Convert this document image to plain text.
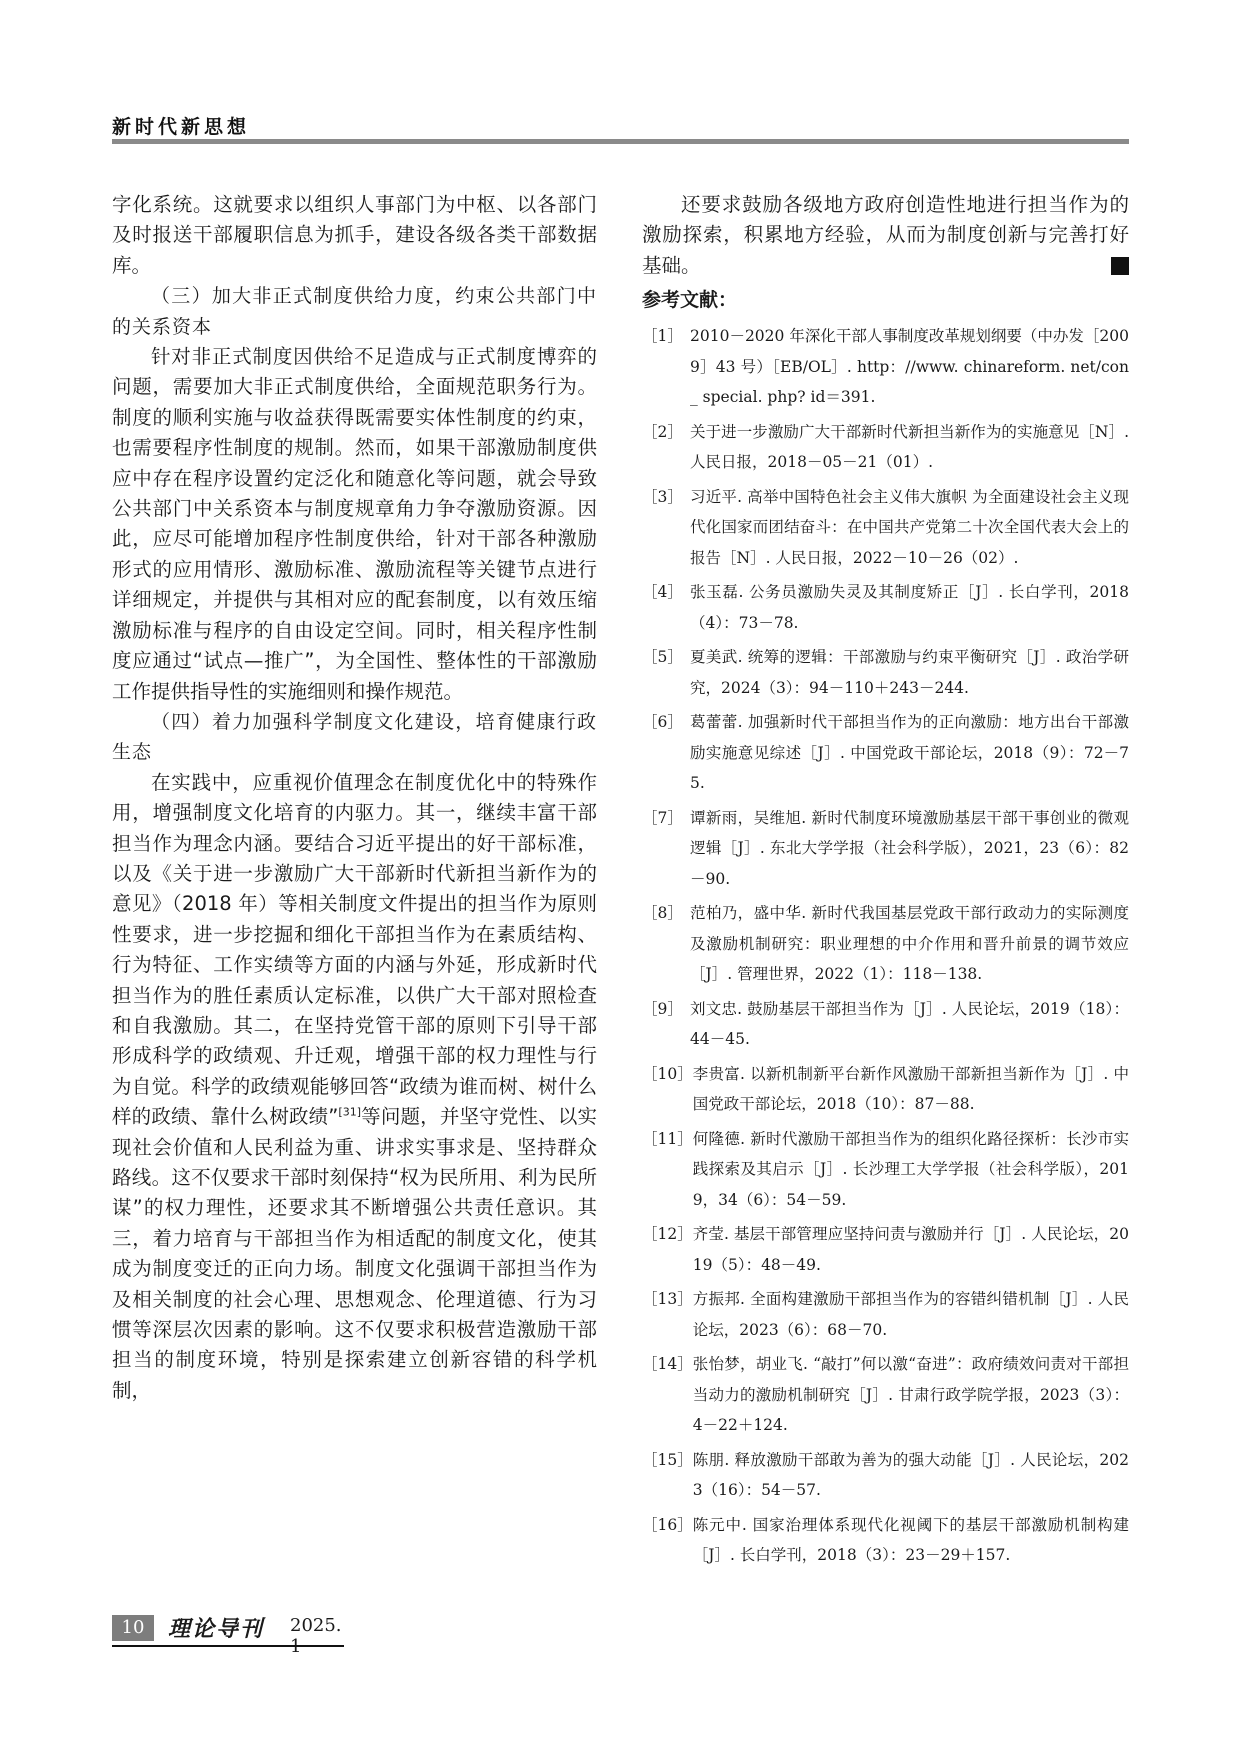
新时代新思想

字化系统。这就要求以组织人事部门为中枢、以各部门及时报送干部履职信息为抓手，建设各级各类干部数据库。

（三）加大非正式制度供给力度，约束公共部门中的关系资本

针对非正式制度因供给不足造成与正式制度博弈的问题，需要加大非正式制度供给，全面规范职务行为。制度的顺利实施与收益获得既需要实体性制度的约束，也需要程序性制度的规制。然而，如果干部激励制度供应中存在程序设置约定泛化和随意化等问题，就会导致公共部门中关系资本与制度规章角力争夺激励资源。因此，应尽可能增加程序性制度供给，针对干部各种激励形式的应用情形、激励标准、激励流程等关键节点进行详细规定，并提供与其相对应的配套制度，以有效压缩激励标准与程序的自由设定空间。同时，相关程序性制度应通过“试点—推广”，为全国性、整体性的干部激励工作提供指导性的实施细则和操作规范。

（四）着力加强科学制度文化建设，培育健康行政生态

在实践中，应重视价值理念在制度优化中的特殊作用，增强制度文化培育的内驱力。其一，继续丰富干部担当作为理念内涵。要结合习近平提出的好干部标准，以及《关于进一步激励广大干部新时代新担当新作为的意见》（2018 年）等相关制度文件提出的担当作为原则性要求，进一步挖掘和细化干部担当作为在素质结构、行为特征、工作实绩等方面的内涵与外延，形成新时代担当作为的胜任素质认定标准，以供广大干部对照检查和自我激励。其二，在坚持党管干部的原则下引导干部形成科学的政绩观、升迁观，增强干部的权力理性与行为自觉。科学的政绩观能够回答“政绩为谁而树、树什么样的政绩、靠什么树政绩”[31]等问题，并坚守党性、以实现社会价值和人民利益为重、讲求实事求是、坚持群众路线。这不仅要求干部时刻保持“权为民所用、利为民所谋”的权力理性，还要求其不断增强公共责任意识。其三，着力培育与干部担当作为相适配的制度文化，使其成为制度变迁的正向力场。制度文化强调干部担当作为及相关制度的社会心理、思想观念、伦理道德、行为习惯等深层次因素的影响。这不仅要求积极营造激励干部担当的制度环境，特别是探索建立创新容错的科学机制，

还要求鼓励各级地方政府创造性地进行担当作为的激励探索，积累地方经验，从而为制度创新与完善打好基础。	理

参考文献：
［1］ 2010－2020 年深化干部人事制度改革规划纲要（中办发［2009］43 号）［EB/OL］. http：//www. chinareform. net/con_ special. php? id＝391.
［2］ 关于进一步激励广大干部新时代新担当新作为的实施意见［N］. 人民日报，2018－05－21（01）.
［3］ 习近平. 高举中国特色社会主义伟大旗帜 为全面建设社会主义现代化国家而团结奋斗：在中国共产党第二十次全国代表大会上的报告［N］. 人民日报，2022－10－26（02）.
［4］ 张玉磊. 公务员激励失灵及其制度矫正［J］. 长白学刊，2018（4）：73－78.
［5］ 夏美武. 统筹的逻辑：干部激励与约束平衡研究［J］. 政治学研究，2024（3）：94－110＋243－244.
［6］ 葛蕾蕾. 加强新时代干部担当作为的正向激励：地方出台干部激励实施意见综述［J］. 中国党政干部论坛，2018（9）：72－75.
［7］ 谭新雨，吴维旭. 新时代制度环境激励基层干部干事创业的微观逻辑［J］. 东北大学学报（社会科学版），2021，23（6）：82－90.
［8］ 范柏乃，盛中华. 新时代我国基层党政干部行政动力的实际测度及激励机制研究：职业理想的中介作用和晋升前景的调节效应［J］. 管理世界，2022（1）：118－138.
［9］ 刘文忠. 鼓励基层干部担当作为［J］. 人民论坛，2019（18）：44－45.
［10］ 李贵富. 以新机制新平台新作风激励干部新担当新作为［J］. 中国党政干部论坛，2018（10）：87－88.
［11］ 何隆德. 新时代激励干部担当作为的组织化路径探析：长沙市实践探索及其启示［J］. 长沙理工大学学报（社会科学版），2019，34（6）：54－59.
［12］ 齐莹. 基层干部管理应坚持问责与激励并行［J］. 人民论坛，2019（5）：48－49.
［13］ 方振邦. 全面构建激励干部担当作为的容错纠错机制［J］. 人民论坛，2023（6）：68－70.
［14］ 张怡梦，胡业飞. “敲打”何以激“奋进”：政府绩效问责对干部担当动力的激励机制研究［J］. 甘肃行政学院学报，2023（3）：4－22＋124.
［15］ 陈朋. 释放激励干部敢为善为的强大动能［J］. 人民论坛，2023（16）：54－57.
［16］ 陈元中. 国家治理体系现代化视阈下的基层干部激励机制构建［J］. 长白学刊，2018（3）：23－29＋157.
10	理论导刊 2025.
